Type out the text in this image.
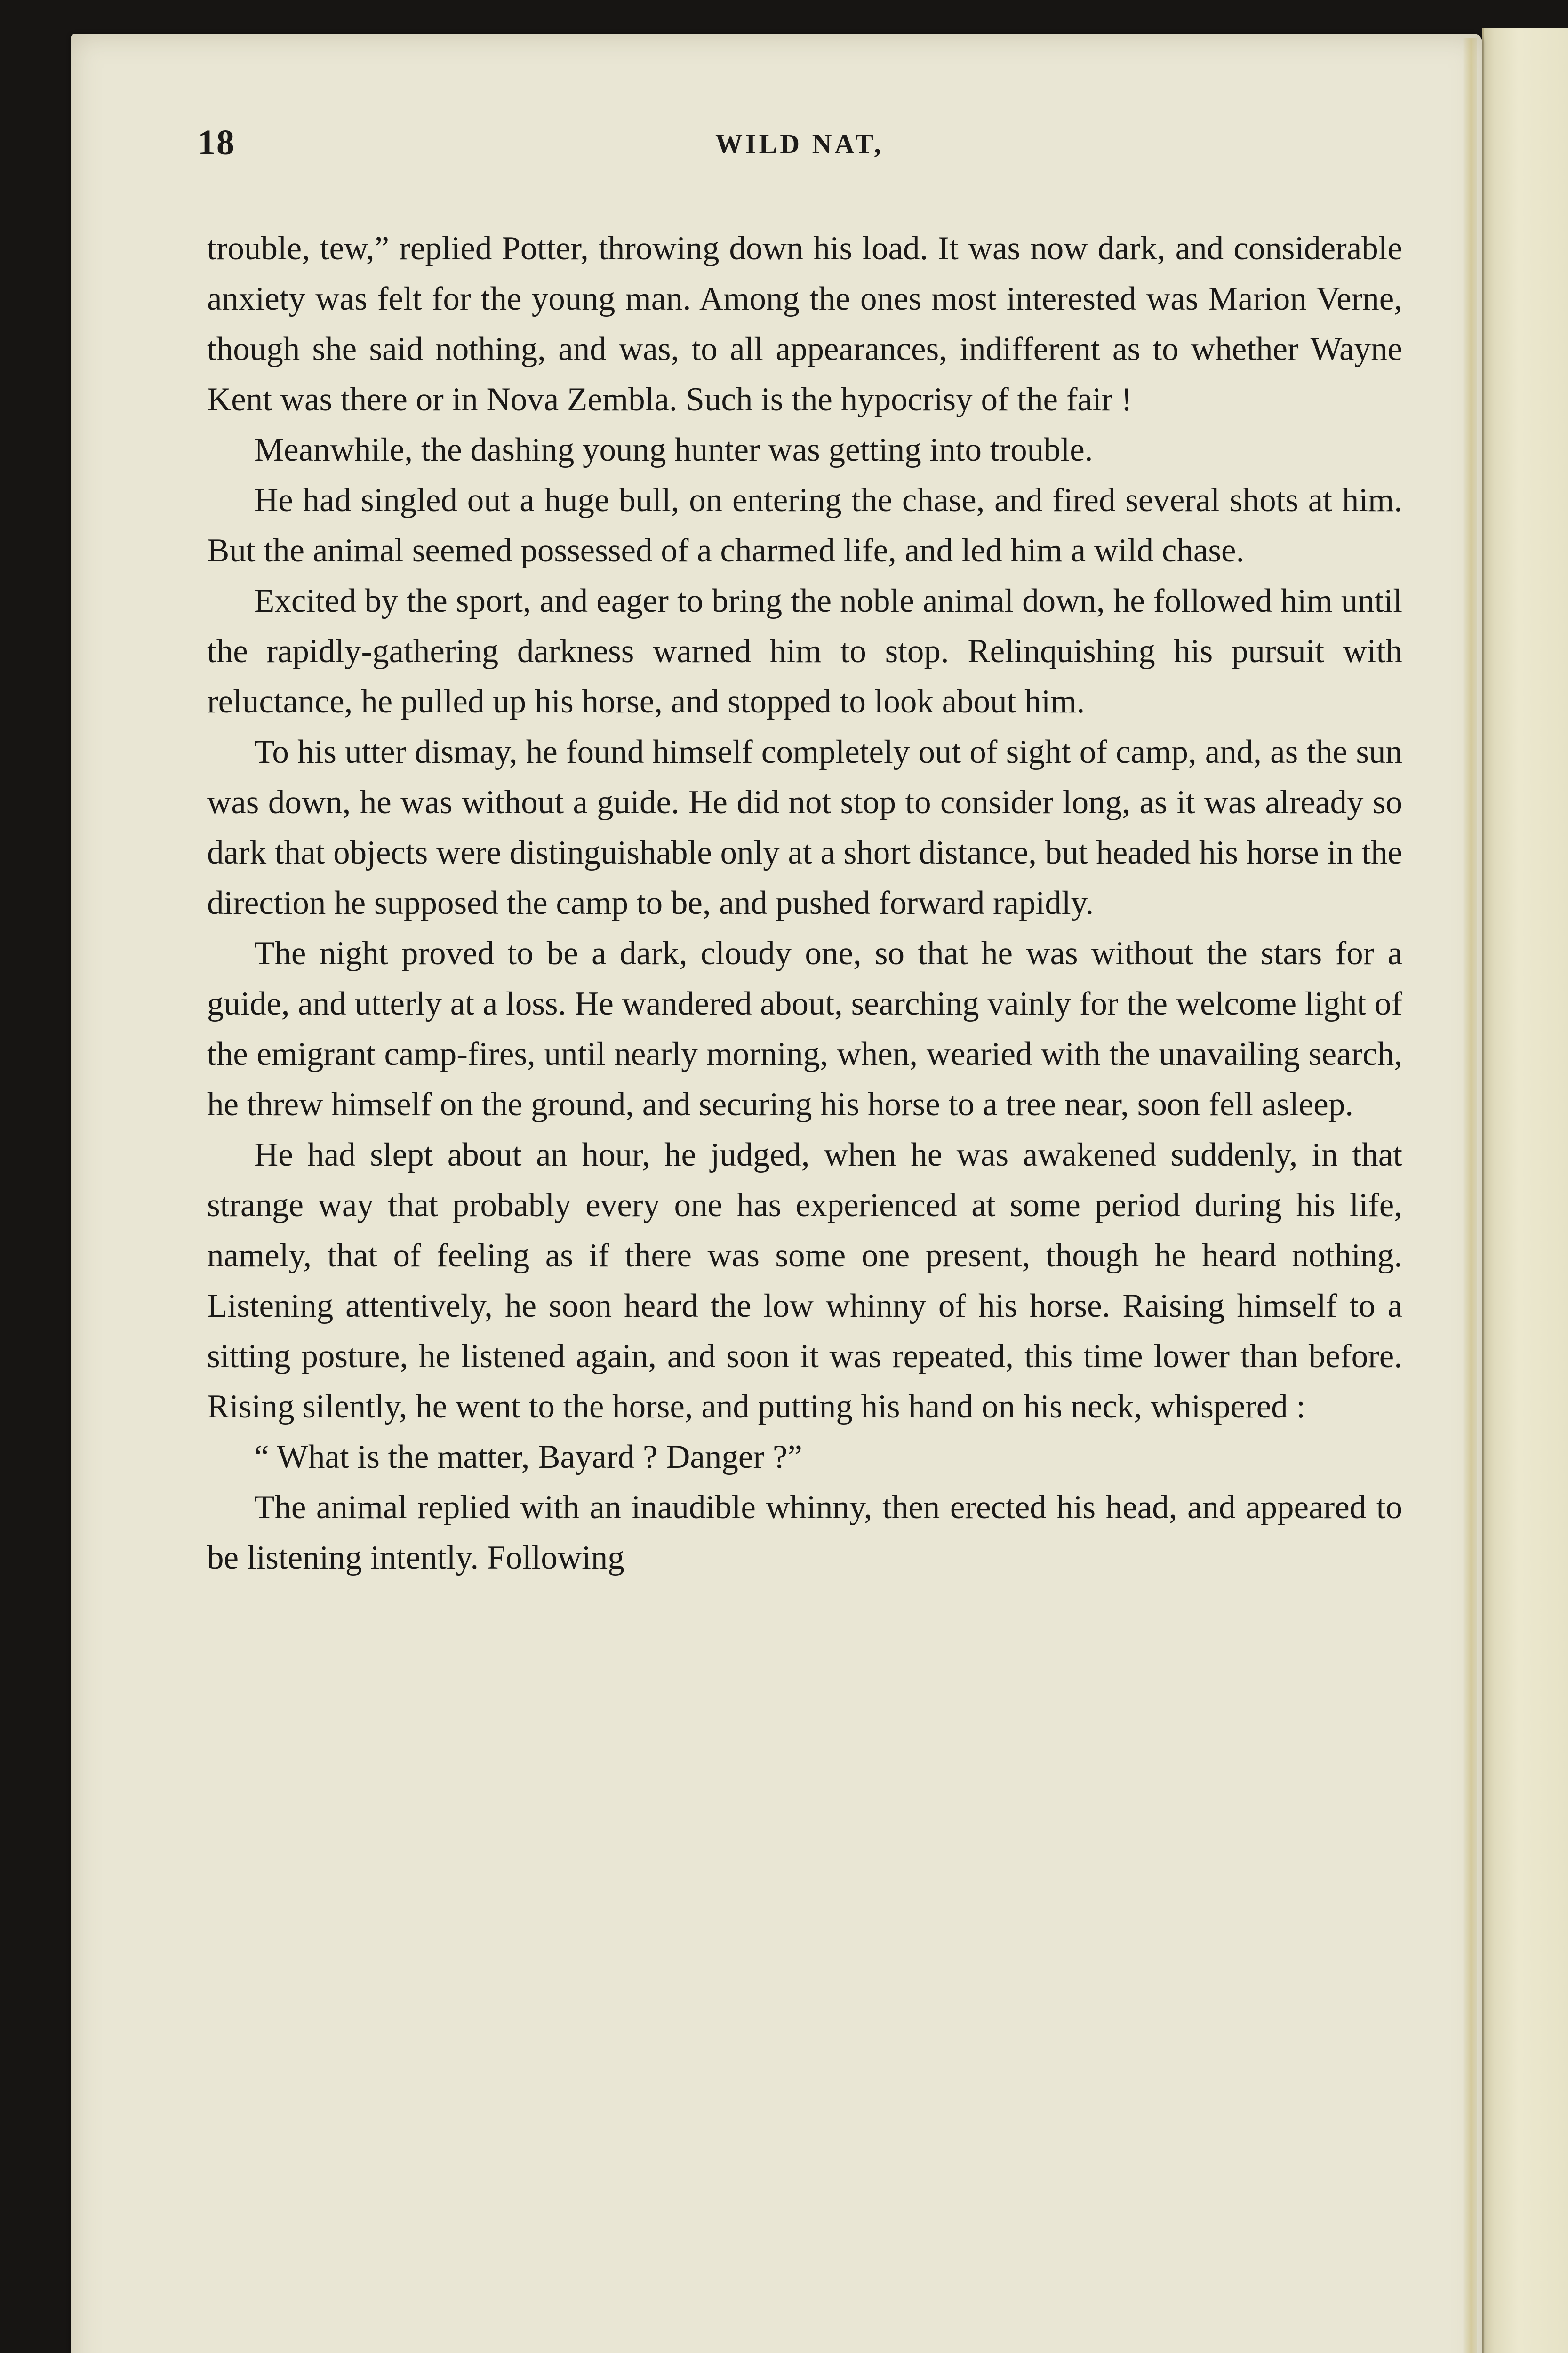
18	WILD NAT,

trouble, tew,” replied Potter, throwing down his load. It was now dark, and considerable anxiety was felt for the young man. Among the ones most interested was Marion Verne, though she said nothing, and was, to all appearances, indifferent as to whether Wayne Kent was there or in Nova Zembla. Such is the hypocrisy of the fair !

Meanwhile, the dashing young hunter was getting into trouble.

He had singled out a huge bull, on entering the chase, and fired several shots at him. But the animal seemed possessed of a charmed life, and led him a wild chase.

Excited by the sport, and eager to bring the noble animal down, he followed him until the rapidly-gathering darkness warned him to stop. Relinquishing his pursuit with reluctance, he pulled up his horse, and stopped to look about him.

To his utter dismay, he found himself completely out of sight of camp, and, as the sun was down, he was without a guide. He did not stop to consider long, as it was already so dark that objects were distinguishable only at a short distance, but headed his horse in the direction he supposed the camp to be, and pushed forward rapidly.

The night proved to be a dark, cloudy one, so that he was without the stars for a guide, and utterly at a loss. He wandered about, searching vainly for the welcome light of the emigrant camp-fires, until nearly morning, when, wearied with the unavailing search, he threw himself on the ground, and securing his horse to a tree near, soon fell asleep.

He had slept about an hour, he judged, when he was awakened suddenly, in that strange way that probably every one has experienced at some period during his life, namely, that of feeling as if there was some one present, though he heard nothing. Listening attentively, he soon heard the low whinny of his horse. Raising himself to a sitting posture, he listened again, and soon it was repeated, this time lower than before. Rising silently, he went to the horse, and putting his hand on his neck, whispered :

“ What is the matter, Bayard ? Danger ?”

The animal replied with an inaudible whinny, then erected his head, and appeared to be listening intently. Following
